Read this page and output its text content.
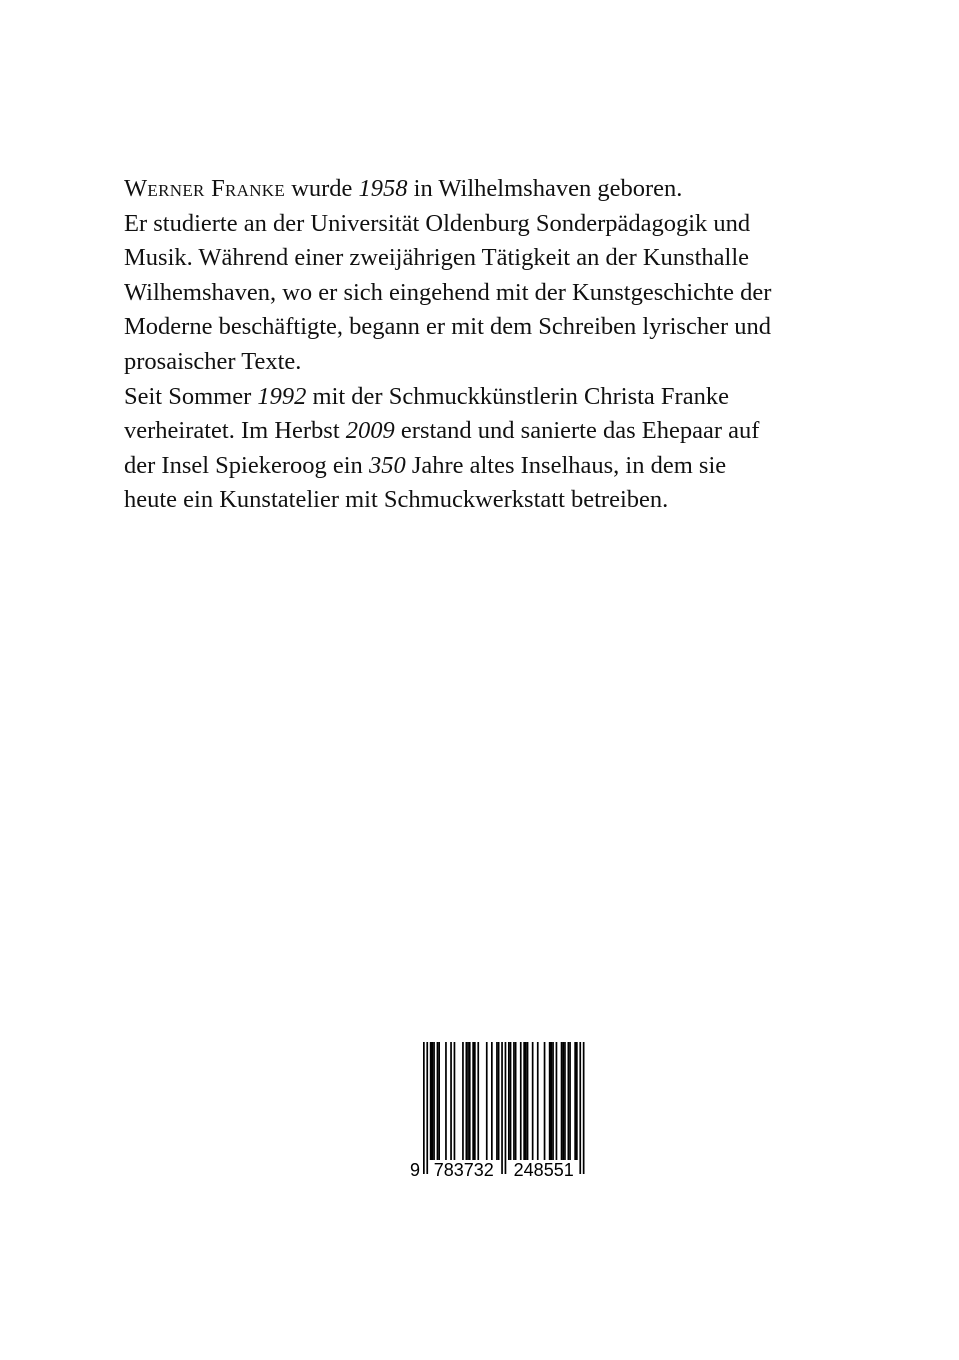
Werner Franke wurde 1958 in Wilhelmshaven geboren.
Er studierte an der Universität Oldenburg Sonderpädagogik und
Musik. Während einer zweijährigen Tätigkeit an der Kunsthalle
Wilhemshaven, wo er sich eingehend mit der Kunstgeschichte der
Moderne beschäftigte, begann er mit dem Schreiben lyrischer und
prosaischer Texte.
Seit Sommer 1992 mit der Schmuckkünstlerin Christa Franke
verheiratet. Im Herbst 2009 erstand und sanierte das Ehepaar auf
der Insel Spiekeroog ein 350 Jahre altes Inselhaus, in dem sie
heute ein Kunstatelier mit Schmuckwerkstatt betreiben.
9 783732 248551
